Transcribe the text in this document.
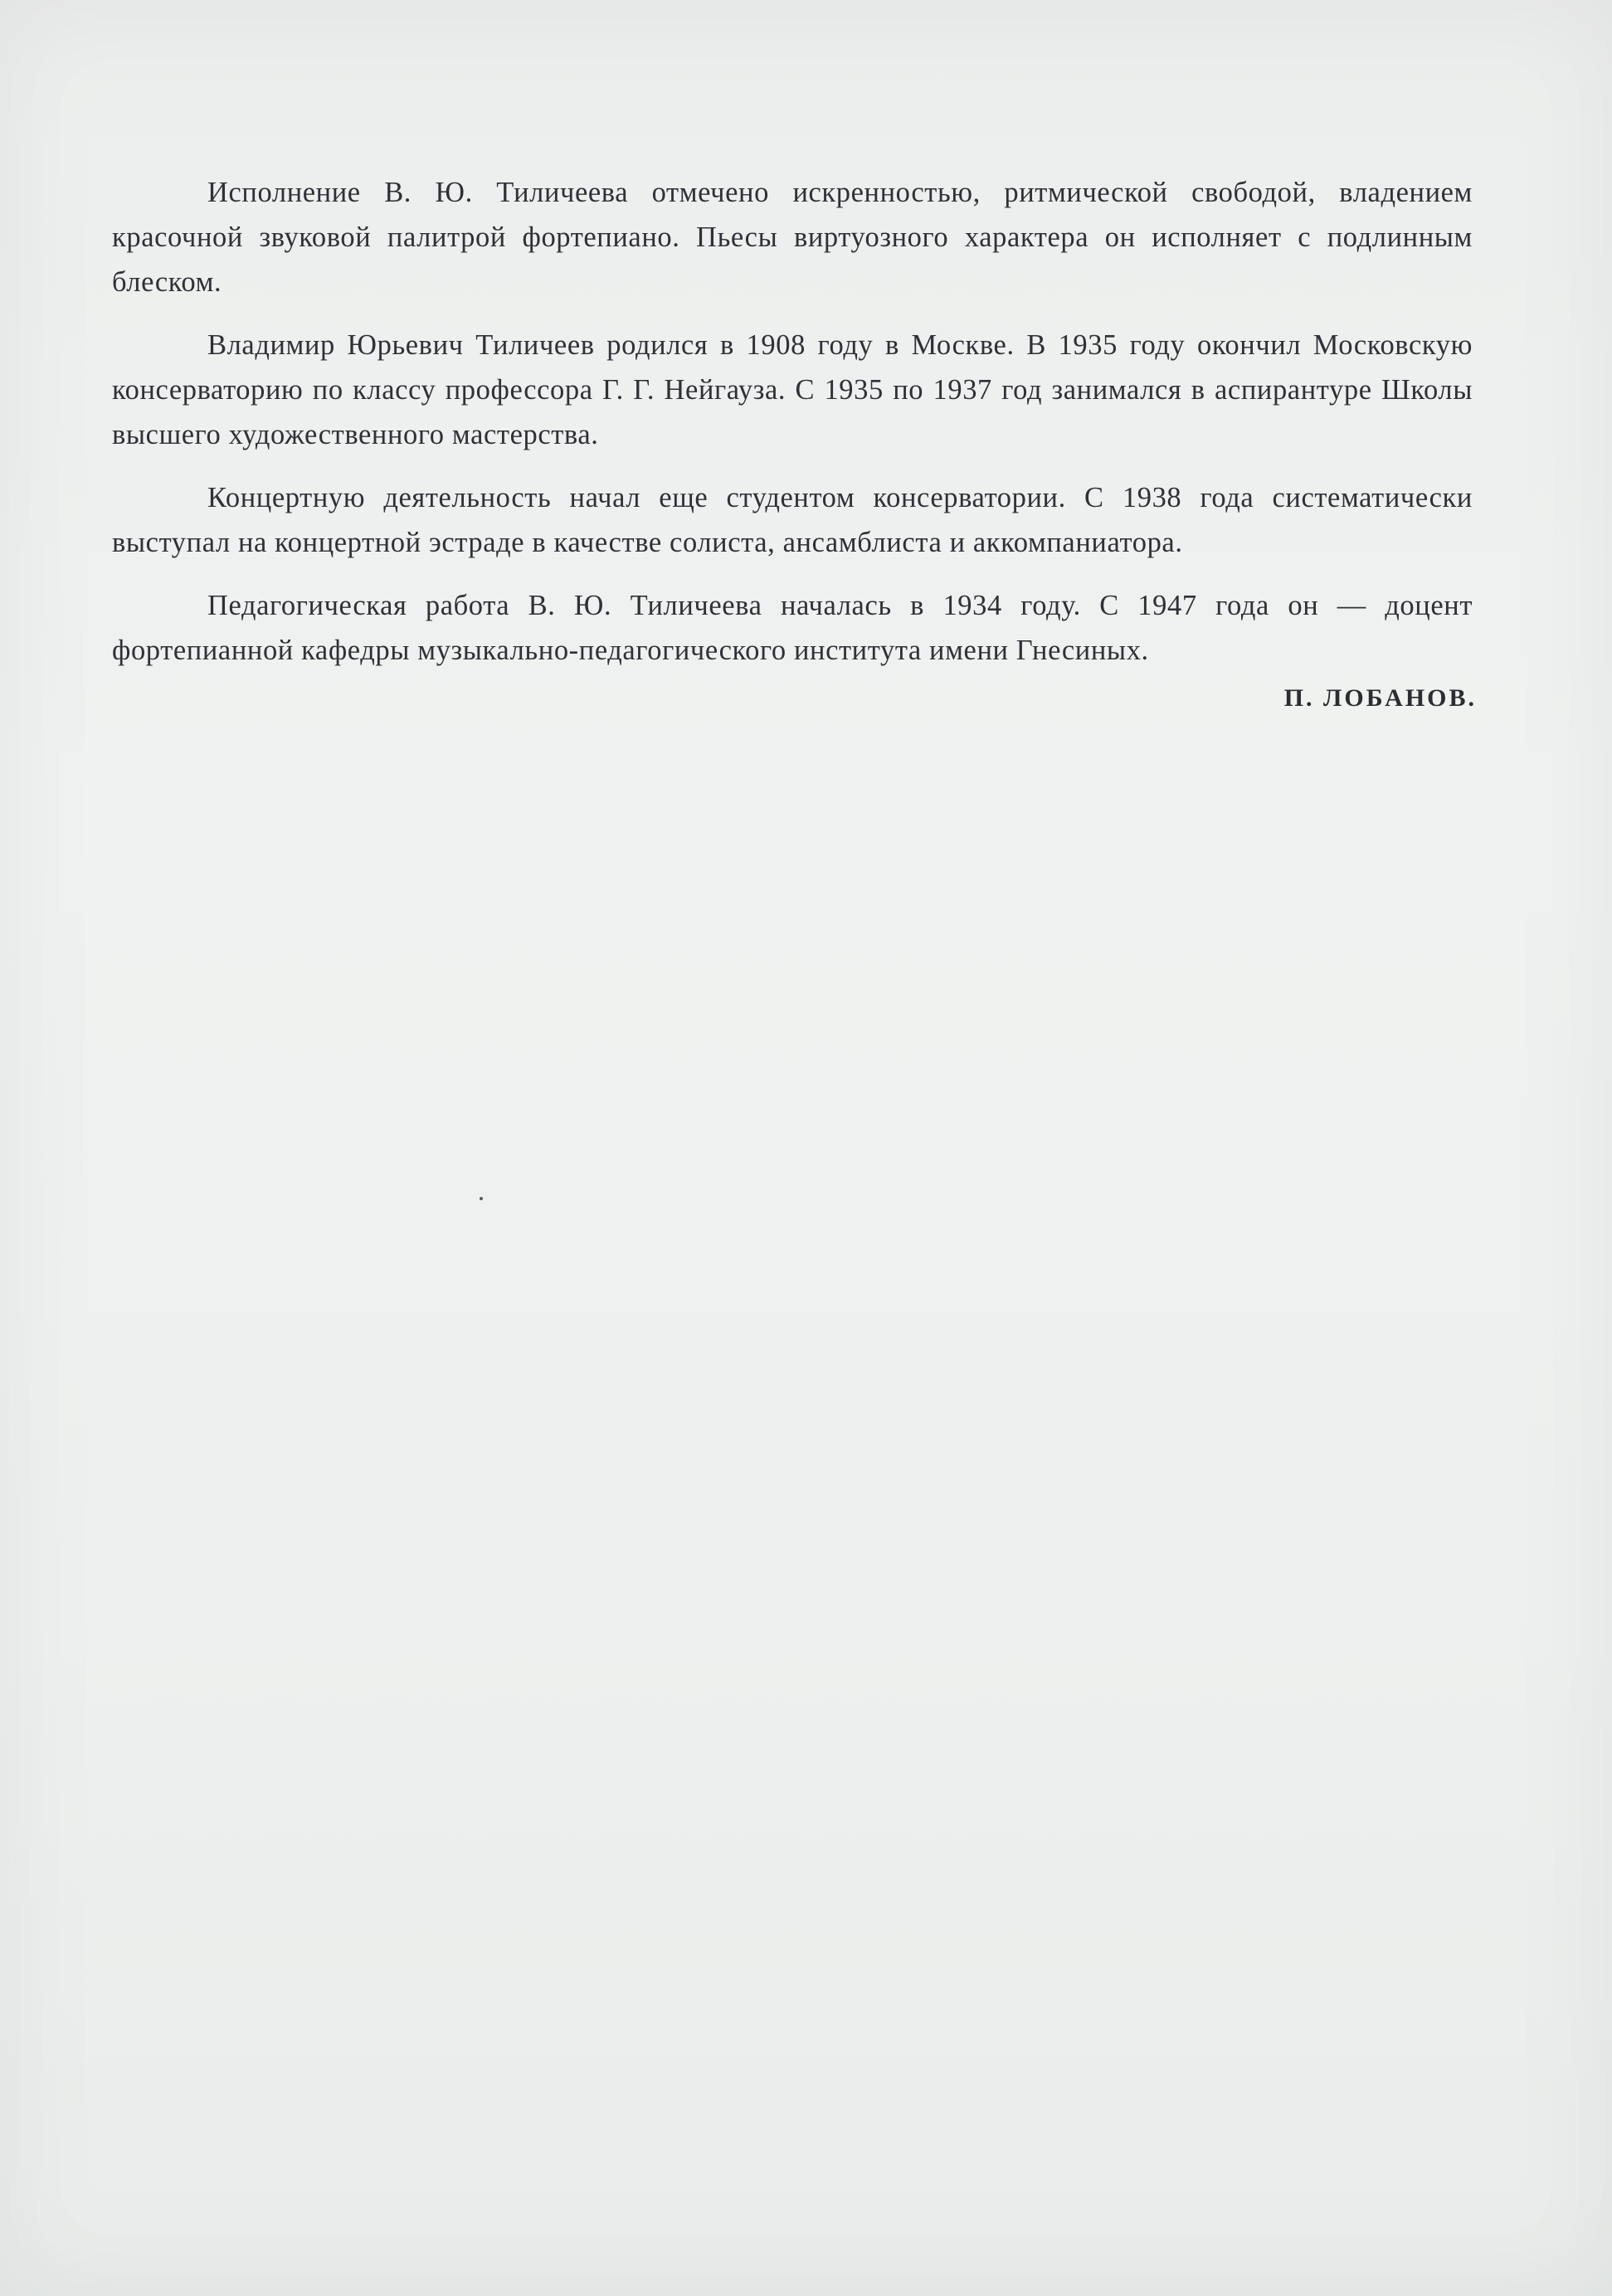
Исполнение В. Ю. Тиличеева отмечено искренностью, ритмической свободой, владением красочной звуковой палитрой фортепиано. Пьесы виртуозного характера он исполняет с подлинным блеском.

Владимир Юрьевич Тиличеев родился в 1908 году в Москве. В 1935 году окончил Московскую консерваторию по классу профессора Г. Г. Нейгауза. С 1935 по 1937 год занимался в аспирантуре Школы высшего художественного мастерства.

Концертную деятельность начал еще студентом консерватории. С 1938 года систематически выступал на концертной эстраде в качестве солиста, ансамблиста и аккомпаниатора.

Педагогическая работа В. Ю. Тиличеева началась в 1934 году. С 1947 года он — доцент фортепианной кафедры музыкально-педагогического института имени Гнесиных.

П. ЛОБАНОВ.
